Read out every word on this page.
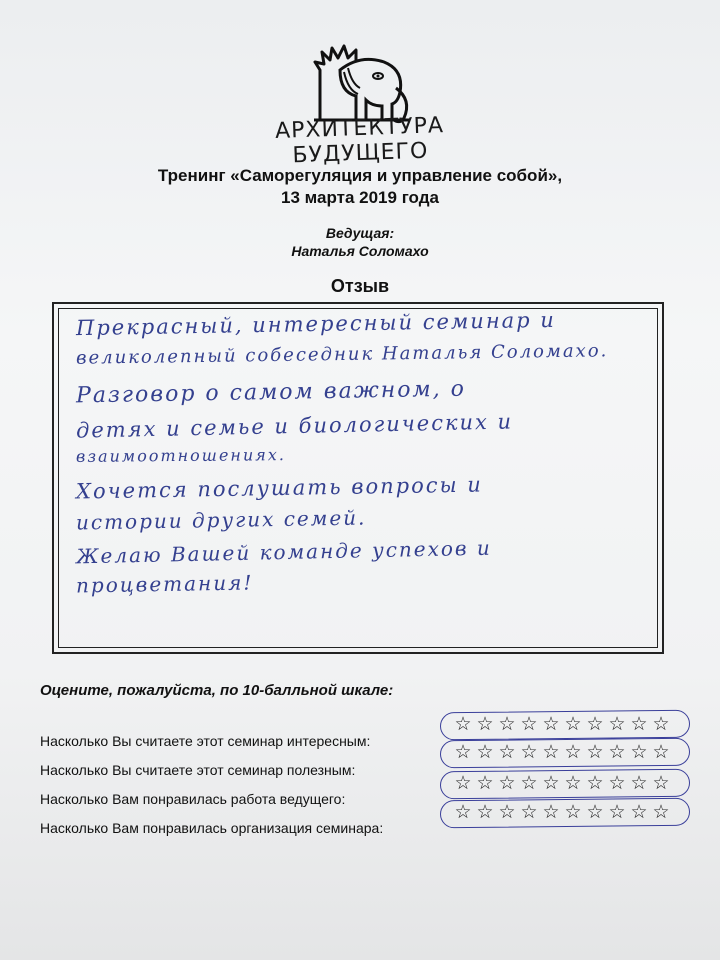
АРХИТЕКТУРА БУДУЩЕГО
Тренинг «Саморегуляция и управление собой»,
13 марта 2019 года
Ведущая:
Наталья Соломахо
Отзыв
Прекрасный, интересный семинар и
великолепный собеседник Наталья Соломахо.
Разговор о самом важном, о
детях и семье и биологических и
взаимоотношениях.
Хочется послушать вопросы и
истории других семей.
Желаю Вашей команде успехов и
процветания!
Оцените, пожалуйста, по 10-балльной шкале:
Насколько Вы считаете этот семинар интересным:
Насколько Вы считаете этот семинар полезным:
Насколько Вам понравилась работа ведущего:
Насколько Вам понравилась организация семинара:
☆ ☆ ☆ ☆ ☆ ☆ ☆ ☆ ☆ ☆
☆ ☆ ☆ ☆ ☆ ☆ ☆ ☆ ☆ ☆
☆ ☆ ☆ ☆ ☆ ☆ ☆ ☆ ☆ ☆
☆ ☆ ☆ ☆ ☆ ☆ ☆ ☆ ☆ ☆
